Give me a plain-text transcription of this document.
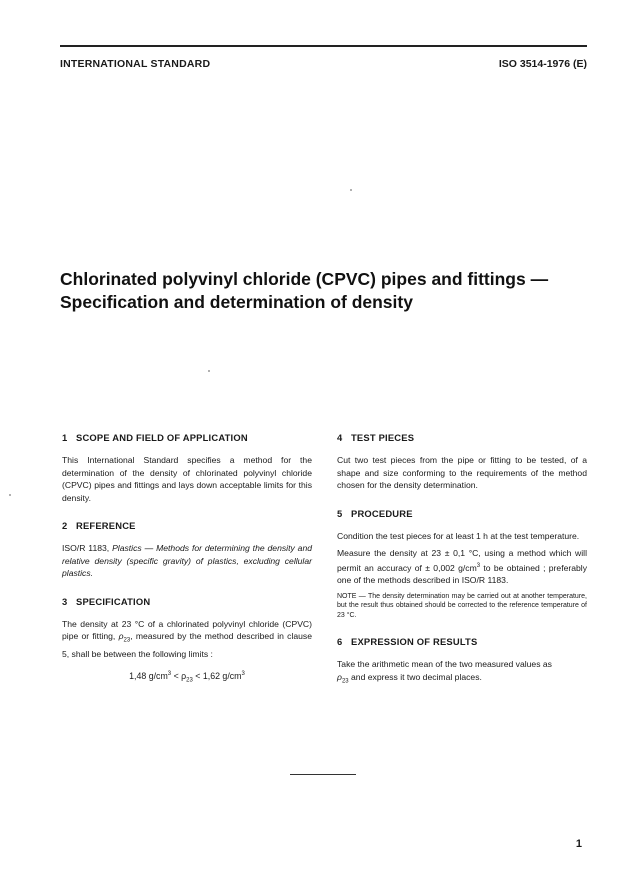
INTERNATIONAL STANDARD	ISO 3514-1976 (E)
Chlorinated polyvinyl chloride (CPVC) pipes and fittings —
Specification and determination of density
1 SCOPE AND FIELD OF APPLICATION
This International Standard specifies a method for the determination of the density of chlorinated polyvinyl chloride (CPVC) pipes and fittings and lays down acceptable limits for this density.
2 REFERENCE
ISO/R 1183, Plastics — Methods for determining the density and relative density (specific gravity) of plastics, excluding cellular plastics.
3 SPECIFICATION
The density at 23 °C of a chlorinated polyvinyl chloride (CPVC) pipe or fitting, $\rho_{23}$, measured by the method described in clause 5, shall be between the following limits :
1,48 $g/cm^3 < \rho_{23} < 1,62$ $g/cm^3$
4 TEST PIECES
Cut two test pieces from the pipe or fitting to be tested, of a shape and size conforming to the requirements of the method chosen for the density determination.
5 PROCEDURE
Condition the test pieces for at least 1 h at the test temperature.
Measure the density at 23 ± 0,1 °C, using a method which will permit an accuracy of ± 0,002 $g/cm^3$ to be obtained ; preferably one of the methods described in ISO/R 1183.
NOTE — The density determination may be carried out at another temperature, but the result thus obtained should be corrected to the reference temperature of 23 °C.
6 EXPRESSION OF RESULTS
Take the arithmetic mean of the two measured values as
$\rho_{23}$ and express it two decimal places.
1
